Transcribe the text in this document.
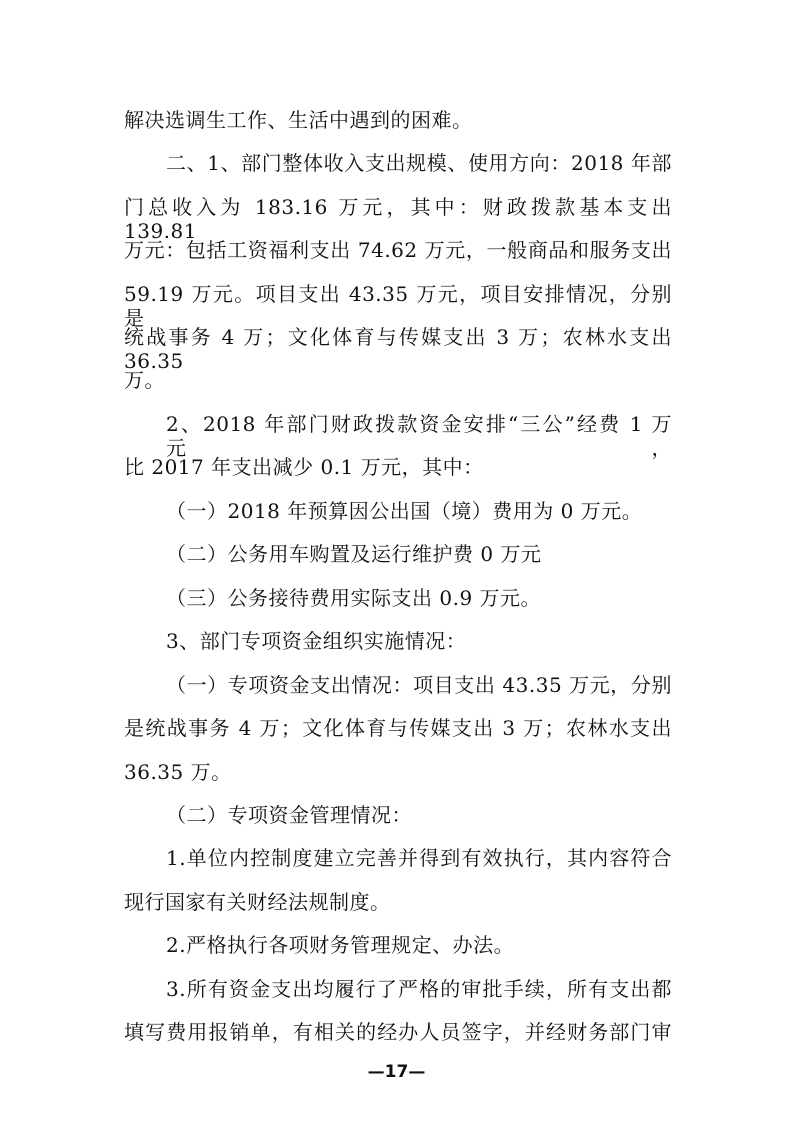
解决选调生工作、生活中遇到的困难。
二、1、部门整体收入支出规模、使用方向：2018 年部
门总收入为 183.16 万元，其中：财政拨款基本支出 139.81
万元：包括工资福利支出 74.62 万元，一般商品和服务支出
59.19 万元。项目支出 43.35 万元，项目安排情况，分别是
统战事务 4 万；文化体育与传媒支出 3 万；农林水支出 36.35
万。
2、2018 年部门财政拨款资金安排“三公”经费 1 万元，
比 2017 年支出减少 0.1 万元，其中：
（一）2018 年预算因公出国（境）费用为 0 万元。
（二）公务用车购置及运行维护费 0 万元
（三）公务接待费用实际支出 0.9 万元。
3、部门专项资金组织实施情况：
（一）专项资金支出情况：项目支出 43.35 万元，分别
是统战事务 4 万；文化体育与传媒支出 3 万；农林水支出
36.35 万。
（二）专项资金管理情况：
1.单位内控制度建立完善并得到有效执行，其内容符合
现行国家有关财经法规制度。
2.严格执行各项财务管理规定、办法。
3.所有资金支出均履行了严格的审批手续，所有支出都
填写费用报销单，有相关的经办人员签字，并经财务部门审
—17—
